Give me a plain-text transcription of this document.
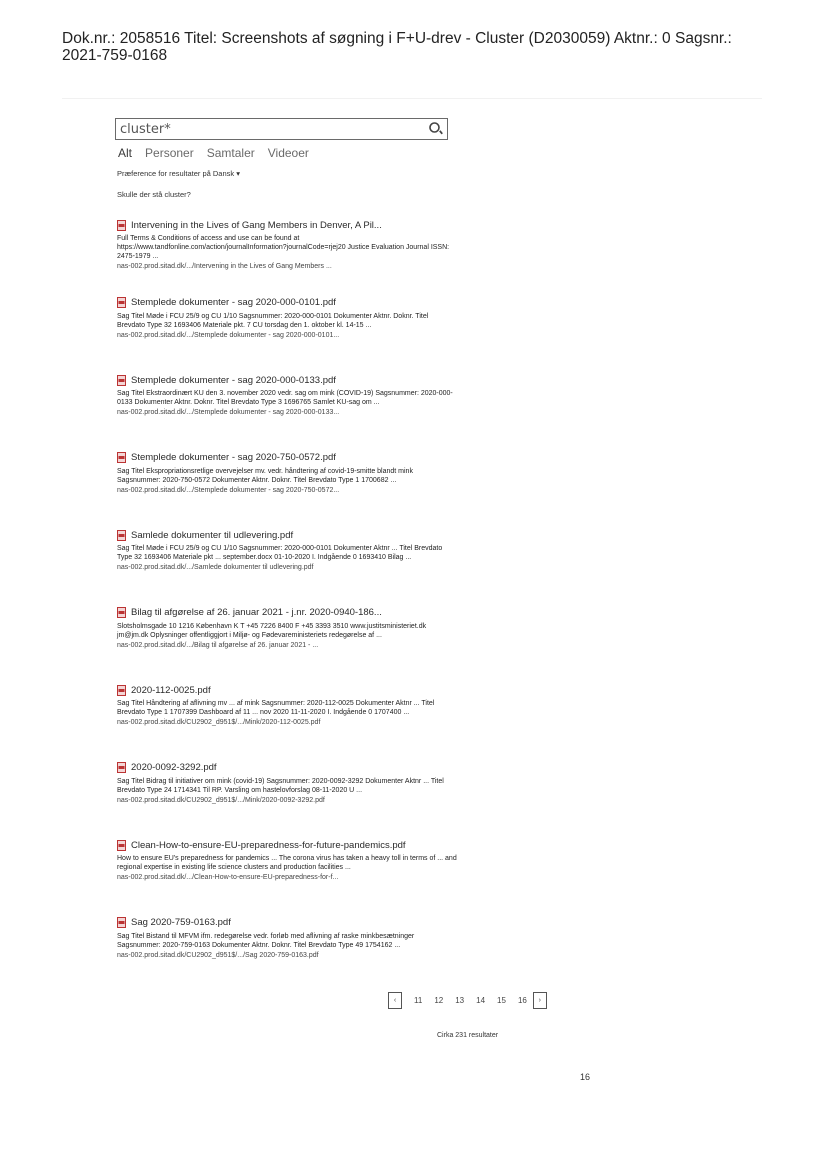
Dok.nr.: 2058516 Titel: Screenshots af søgning i F+U-drev - Cluster (D2030059) Aktnr.: 0 Sagsnr.:
2021-759-0168
cluster*
Alt Personer Samtaler Videoer
Præference for resultater på Dansk ▾
Skulle der stå cluster?
Intervening in the Lives of Gang Members in Denver, A Pil...
Full Terms & Conditions of access and use can be found at https://www.tandfonline.com/action/journalInformation?journalCode=rjej20 Justice Evaluation Journal ISSN: 2475-1979 ...
nas-002.prod.sitad.dk/.../Intervening in the Lives of Gang Members ...
Stemplede dokumenter - sag 2020-000-0101.pdf
Sag Titel Møde i FCU 25/9 og CU 1/10 Sagsnummer: 2020-000-0101 Dokumenter Aktnr. Doknr. Titel Brevdato Type 32 1693406 Materiale pkt. 7 CU torsdag den 1. oktober kl. 14-15 ...
nas-002.prod.sitad.dk/.../Stemplede dokumenter - sag 2020-000-0101...
Stemplede dokumenter - sag 2020-000-0133.pdf
Sag Titel Ekstraordinært KU den 3. november 2020 vedr. sag om mink (COVID-19) Sagsnummer: 2020-000-0133 Dokumenter Aktnr. Doknr. Titel Brevdato Type 3 1696765 Samlet KU-sag om ...
nas-002.prod.sitad.dk/.../Stemplede dokumenter - sag 2020-000-0133...
Stemplede dokumenter - sag 2020-750-0572.pdf
Sag Titel Ekspropriationsretlige overvejelser mv. vedr. håndtering af covid-19-smitte blandt mink Sagsnummer: 2020-750-0572 Dokumenter Aktnr. Doknr. Titel Brevdato Type 1 1700682 ...
nas-002.prod.sitad.dk/.../Stemplede dokumenter - sag 2020-750-0572...
Samlede dokumenter til udlevering.pdf
Sag Titel Møde i FCU 25/9 og CU 1/10 Sagsnummer: 2020-000-0101 Dokumenter Aktnr ... Titel Brevdato Type 32 1693406 Materiale pkt ... september.docx 01-10-2020 I. Indgående 0 1693410 Bilag ...
nas-002.prod.sitad.dk/.../Samlede dokumenter til udlevering.pdf
Bilag til afgørelse af 26. januar 2021 - j.nr. 2020-0940-186...
Slotsholmsgade 10 1216 København K T +45 7226 8400 F +45 3393 3510 www.justitsministeriet.dk jm@jm.dk Oplysninger offentliggjort i Miljø- og Fødevareministeriets redegørelse af ...
nas-002.prod.sitad.dk/.../Bilag til afgørelse af 26. januar 2021 - ...
2020-112-0025.pdf
Sag Titel Håndtering af aflivning mv ... af mink Sagsnummer: 2020-112-0025 Dokumenter Aktnr ... Titel Brevdato Type 1 1707399 Dashboard af 11 ... nov 2020 11-11-2020 I. Indgående 0 1707400 ...
nas-002.prod.sitad.dk/CU2902_d951$/.../Mink/2020-112-0025.pdf
2020-0092-3292.pdf
Sag Titel Bidrag til initiativer om mink (covid-19) Sagsnummer: 2020-0092-3292 Dokumenter Aktnr ... Titel Brevdato Type 24 1714341 Til RP. Varsling om hastelovforslag 08-11-2020 U ...
nas-002.prod.sitad.dk/CU2902_d951$/.../Mink/2020-0092-3292.pdf
Clean-How-to-ensure-EU-preparedness-for-future-pandemics.pdf
How to ensure EU's preparedness for pandemics ... The corona virus has taken a heavy toll in terms of ... and regional expertise in existing life science clusters and production facilities ...
nas-002.prod.sitad.dk/.../Clean-How-to-ensure-EU-preparedness-for-f...
Sag 2020-759-0163.pdf
Sag Titel Bistand til MFVM ifm. redegørelse vedr. forløb med aflivning af raske minkbesætninger Sagsnummer: 2020-759-0163 Dokumenter Aktnr. Doknr. Titel Brevdato Type 49 1754162 ...
nas-002.prod.sitad.dk/CU2902_d951$/.../Sag 2020-759-0163.pdf
‹	11 12 13 14 15 16	›
Cirka 231 resultater
16
